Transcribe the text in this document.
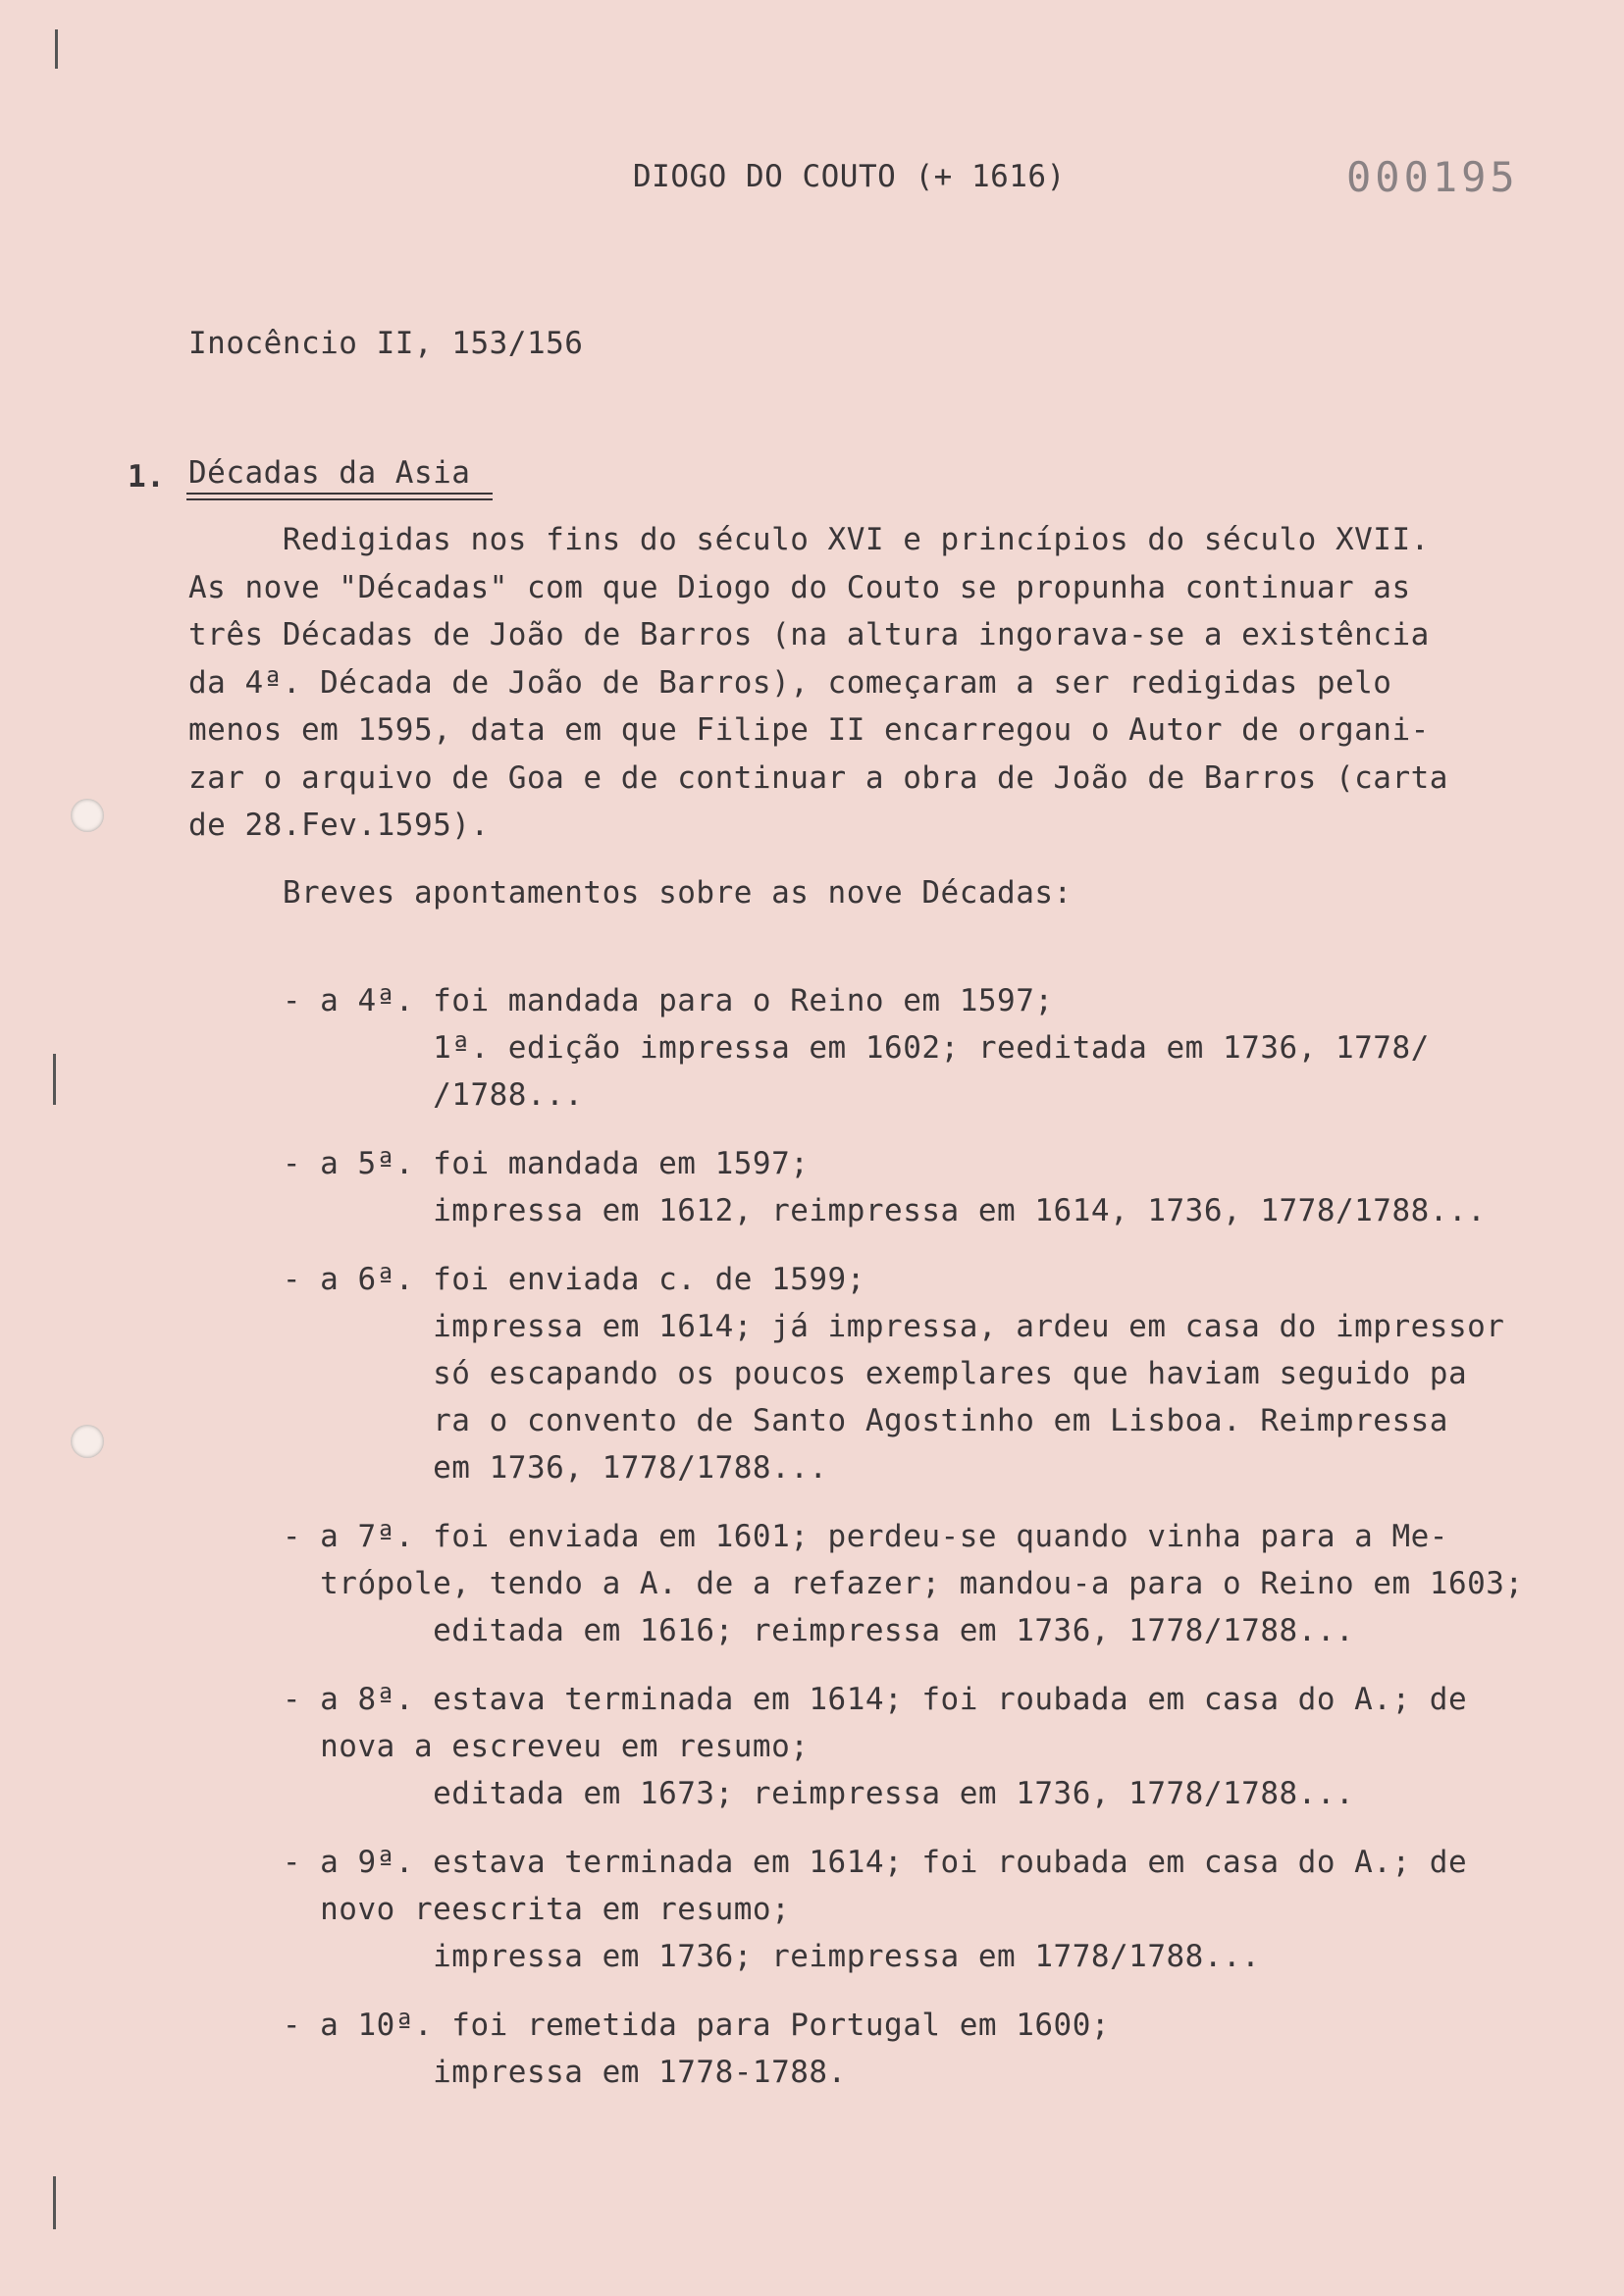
DIOGO DO COUTO (+ 1616)	000195
Inocêncio II, 153/156
1. Décadas da Asia
Redigidas nos fins do século XVI e princípios do século XVII.
As nove "Décadas" com que Diogo do Couto se propunha continuar as
três Décadas de João de Barros (na altura ingorava-se a existência
da 4ª. Década de João de Barros), começaram a ser redigidas pelo
menos em 1595, data em que Filipe II encarregou o Autor de organi-
zar o arquivo de Goa e de continuar a obra de João de Barros (carta
de 28.Fev.1595).
Breves apontamentos sobre as nove Décadas:
- a 4ª. foi mandada para o Reino em 1597;
1ª. edição impressa em 1602; reeditada em 1736, 1778/
/1788...
- a 5ª. foi mandada em 1597;
impressa em 1612, reimpressa em 1614, 1736, 1778/1788...
- a 6ª. foi enviada c. de 1599;
impressa em 1614; já impressa, ardeu em casa do impressor
só escapando os poucos exemplares que haviam seguido pa
ra o convento de Santo Agostinho em Lisboa. Reimpressa
em 1736, 1778/1788...
- a 7ª. foi enviada em 1601; perdeu-se quando vinha para a Me-
trópole, tendo a A. de a refazer; mandou-a para o Reino em 1603;
editada em 1616; reimpressa em 1736, 1778/1788...
- a 8ª. estava terminada em 1614; foi roubada em casa do A.; de
nova a escreveu em resumo;
editada em 1673; reimpressa em 1736, 1778/1788...
- a 9ª. estava terminada em 1614; foi roubada em casa do A.; de
novo reescrita em resumo;
impressa em 1736; reimpressa em 1778/1788...
- a 10ª. foi remetida para Portugal em 1600;
impressa em 1778-1788.
